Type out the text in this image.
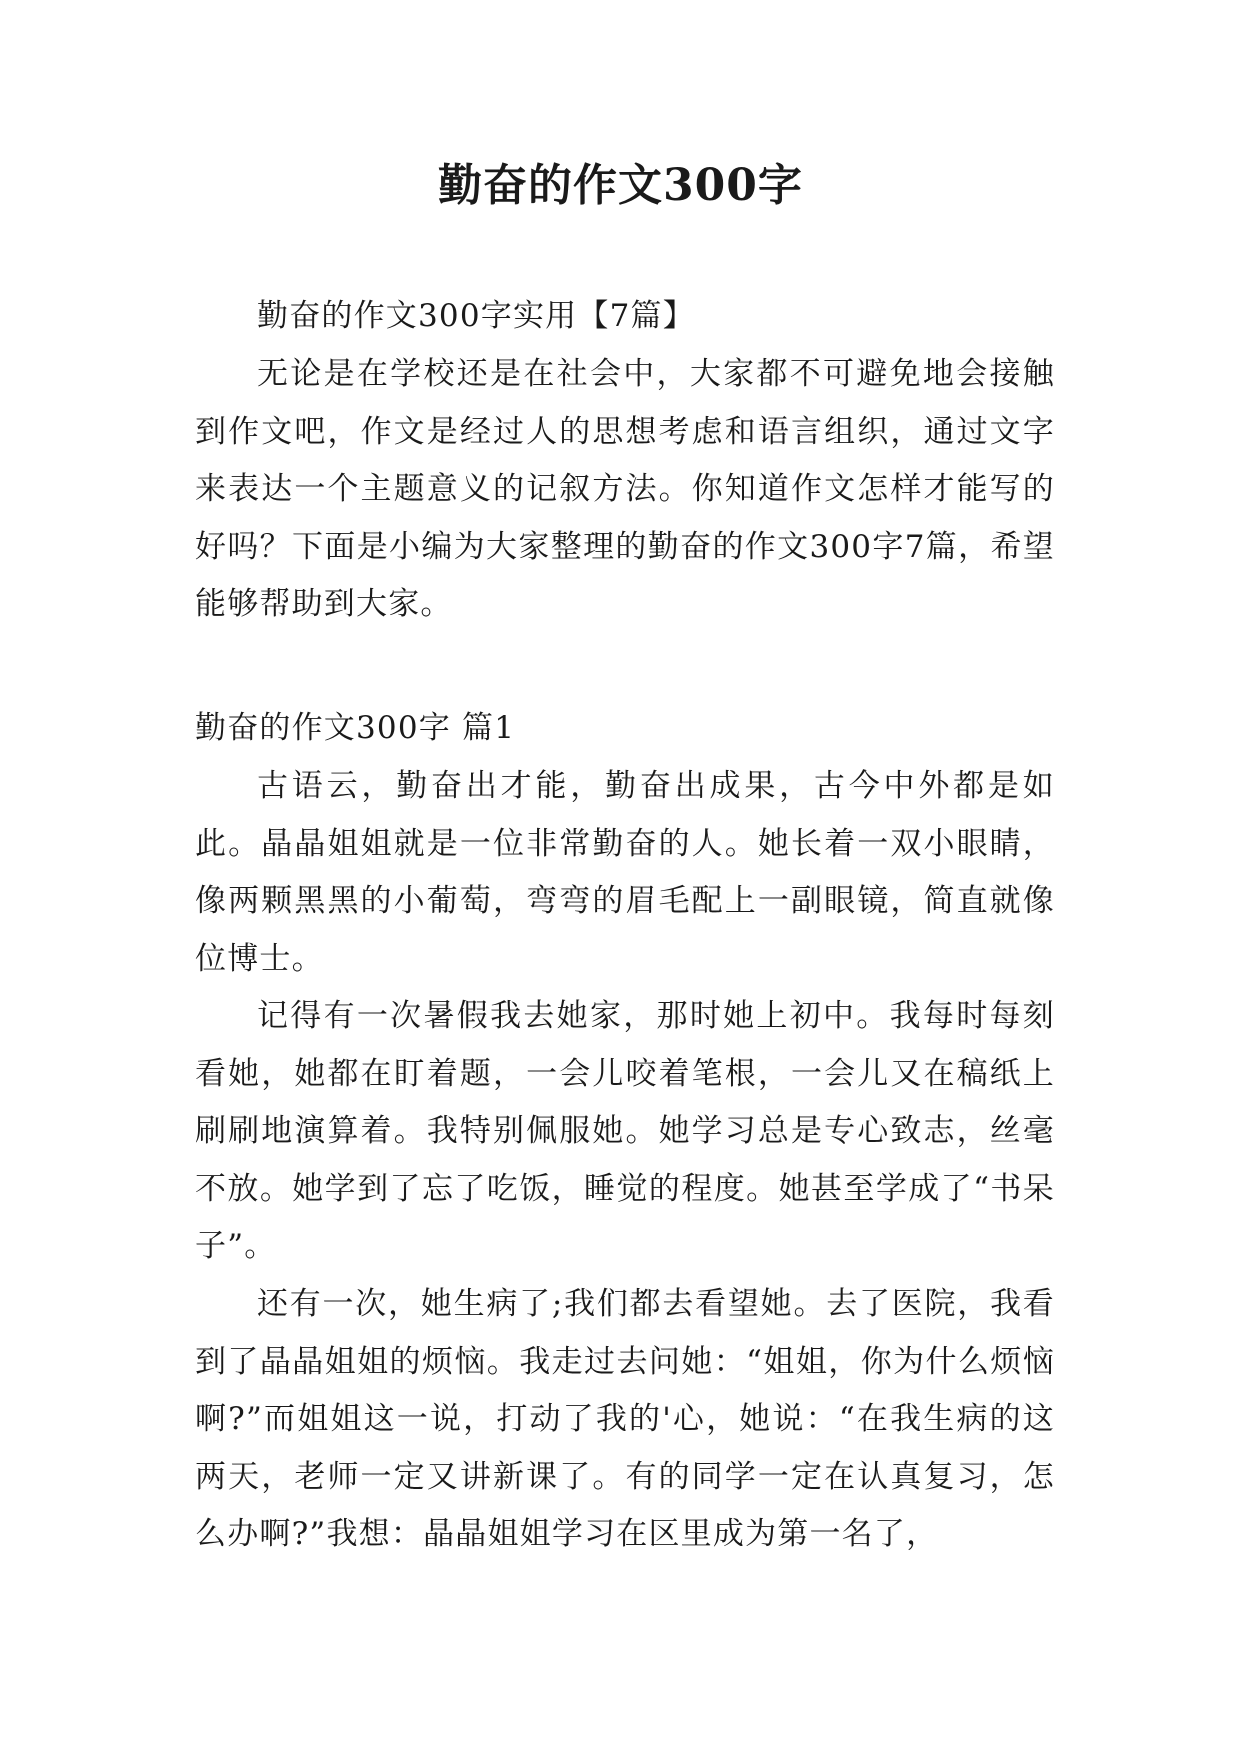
勤奋的作文300字

勤奋的作文300字实用【7篇】

无论是在学校还是在社会中，大家都不可避免地会接触到作文吧，作文是经过人的思想考虑和语言组织，通过文字来表达一个主题意义的记叙方法。你知道作文怎样才能写的好吗？下面是小编为大家整理的勤奋的作文300字7篇，希望能够帮助到大家。

勤奋的作文300字 篇1

古语云，勤奋出才能，勤奋出成果，古今中外都是如此。晶晶姐姐就是一位非常勤奋的人。她长着一双小眼睛，像两颗黑黑的小葡萄，弯弯的眉毛配上一副眼镜，简直就像位博士。

记得有一次暑假我去她家，那时她上初中。我每时每刻看她，她都在盯着题，一会儿咬着笔根，一会儿又在稿纸上刷刷地演算着。我特别佩服她。她学习总是专心致志，丝毫不放。她学到了忘了吃饭，睡觉的程度。她甚至学成了“书呆子”。

还有一次，她生病了;我们都去看望她。去了医院，我看到了晶晶姐姐的烦恼。我走过去问她：“姐姐，你为什么烦恼啊?”而姐姐这一说，打动了我的'心，她说：“在我生病的这两天，老师一定又讲新课了。有的同学一定在认真复习，怎么办啊?”我想：晶晶姐姐学习在区里成为第一名了，
